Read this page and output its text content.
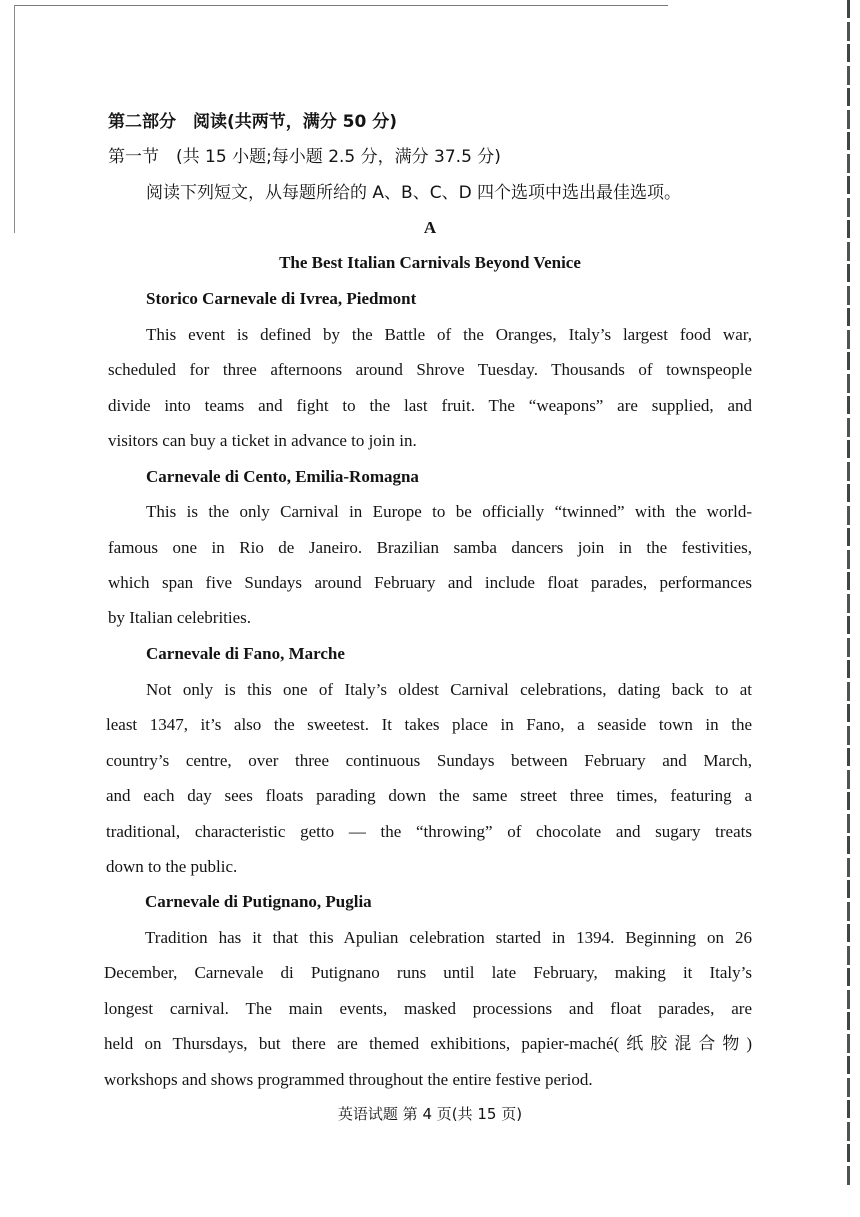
第二部分　阅读(共两节，满分 50 分)
第一节　(共 15 小题;每小题 2.5 分，满分 37.5 分)
阅读下列短文，从每题所给的 A、B、C、D 四个选项中选出最佳选项。
A
The Best Italian Carnivals Beyond Venice
Storico Carnevale di Ivrea, Piedmont
This event is defined by the Battle of the Oranges, Italy’s largest food war,
scheduled for three afternoons around Shrove Tuesday. Thousands of townspeople
divide into teams and fight to the last fruit. The “weapons” are supplied, and
visitors can buy a ticket in advance to join in.
Carnevale di Cento, Emilia-Romagna
This is the only Carnival in Europe to be officially “twinned” with the world-
famous one in Rio de Janeiro. Brazilian samba dancers join in the festivities,
which span five Sundays around February and include float parades, performances
by Italian celebrities.
Carnevale di Fano, Marche
Not only is this one of Italy’s oldest Carnival celebrations, dating back to at
least 1347, it’s also the sweetest. It takes place in Fano, a seaside town in the
country’s centre, over three continuous Sundays between February and March,
and each day sees floats parading down the same street three times, featuring a
traditional, characteristic getto — the “throwing” of chocolate and sugary treats
down to the public.
Carnevale di Putignano, Puglia
Tradition has it that this Apulian celebration started in 1394. Beginning on 26
December, Carnevale di Putignano runs until late February, making it Italy’s
longest carnival. The main events, masked processions and float parades, are
held on Thursdays, but there are themed exhibitions, papier-maché(纸胶混合物)
workshops and shows programmed throughout the entire festive period.
英语试题 第 4 页(共 15 页)
